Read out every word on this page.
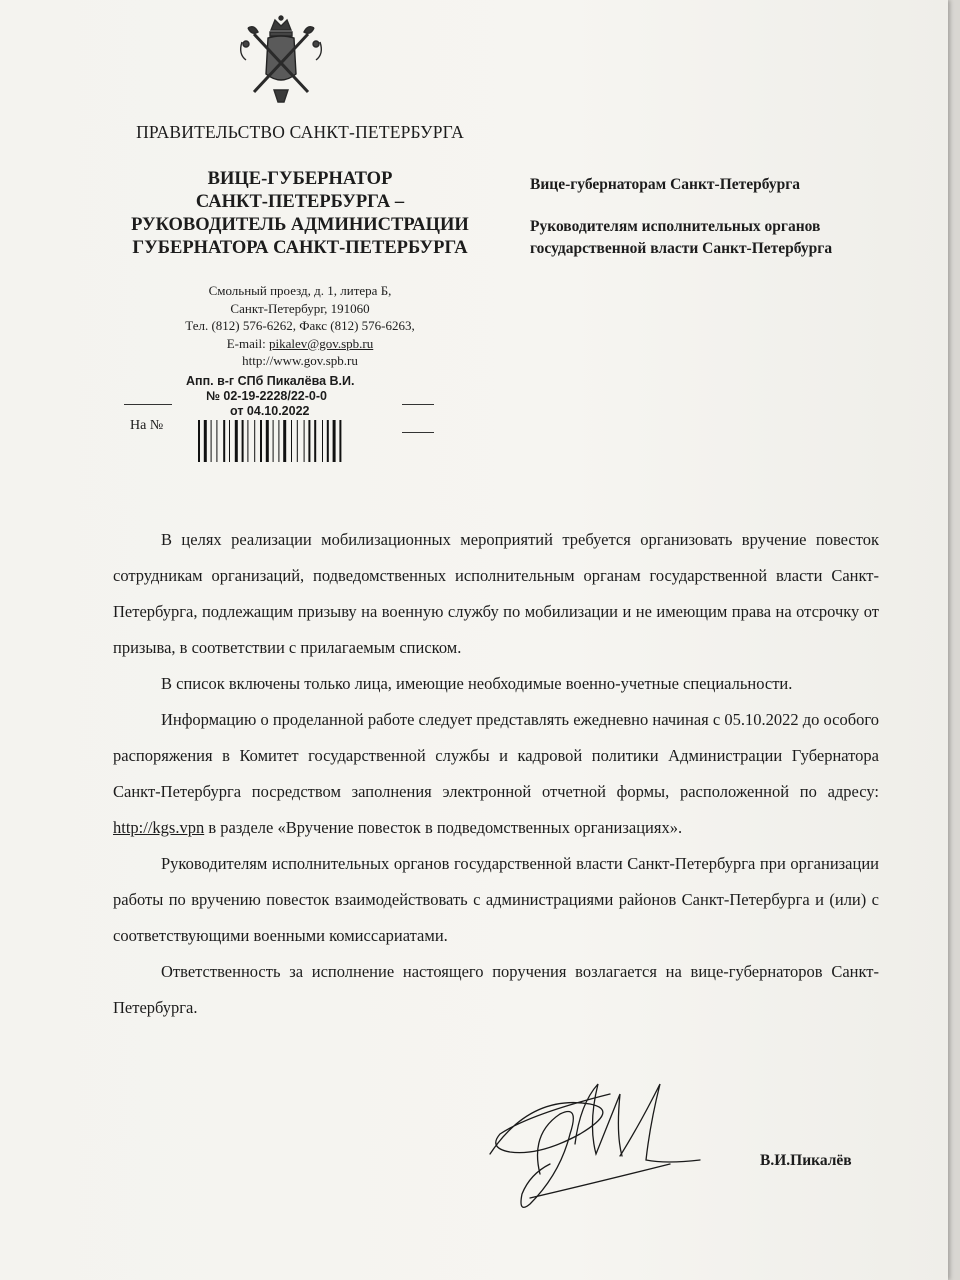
ПРАВИТЕЛЬСТВО САНКТ-ПЕТЕРБУРГА
ВИЦЕ-ГУБЕРНАТОР
САНКТ-ПЕТЕРБУРГА –
РУКОВОДИТЕЛЬ АДМИНИСТРАЦИИ
ГУБЕРНАТОРА САНКТ-ПЕТЕРБУРГА
Смольный проезд, д. 1, литера Б,
Санкт-Петербург, 191060
Тел. (812) 576-6262, Факс (812) 576-6263,
E-mail: pikalev@gov.spb.ru
http://www.gov.spb.ru
Апп. в-г СПб Пикалёва В.И.
№ 02-19-2228/22-0-0
от 04.10.2022
На №
Вице-губернаторам Санкт-Петербурга
Руководителям исполнительных органов государственной власти Санкт-Петербурга

В целях реализации мобилизационных мероприятий требуется организовать вручение повесток сотрудникам организаций, подведомственных исполнительным органам государственной власти Санкт-Петербурга, подлежащим призыву на военную службу по мобилизации и не имеющим права на отсрочку от призыва, в соответствии с прилагаемым списком.

В список включены только лица, имеющие необходимые военно-учетные специальности.

Информацию о проделанной работе следует представлять ежедневно начиная с 05.10.2022 до особого распоряжения в Комитет государственной службы и кадровой политики Администрации Губернатора Санкт-Петербурга посредством заполнения электронной отчетной формы, расположенной по адресу: http://kgs.vpn в разделе «Вручение повесток в подведомственных организациях».

Руководителям исполнительных органов государственной власти Санкт-Петербурга при организации работы по вручению повесток взаимодействовать с администрациями районов Санкт-Петербурга и (или) с соответствующими военными комиссариатами.

Ответственность за исполнение настоящего поручения возлагается на вице-губернаторов Санкт-Петербурга.

В.И.Пикалёв
